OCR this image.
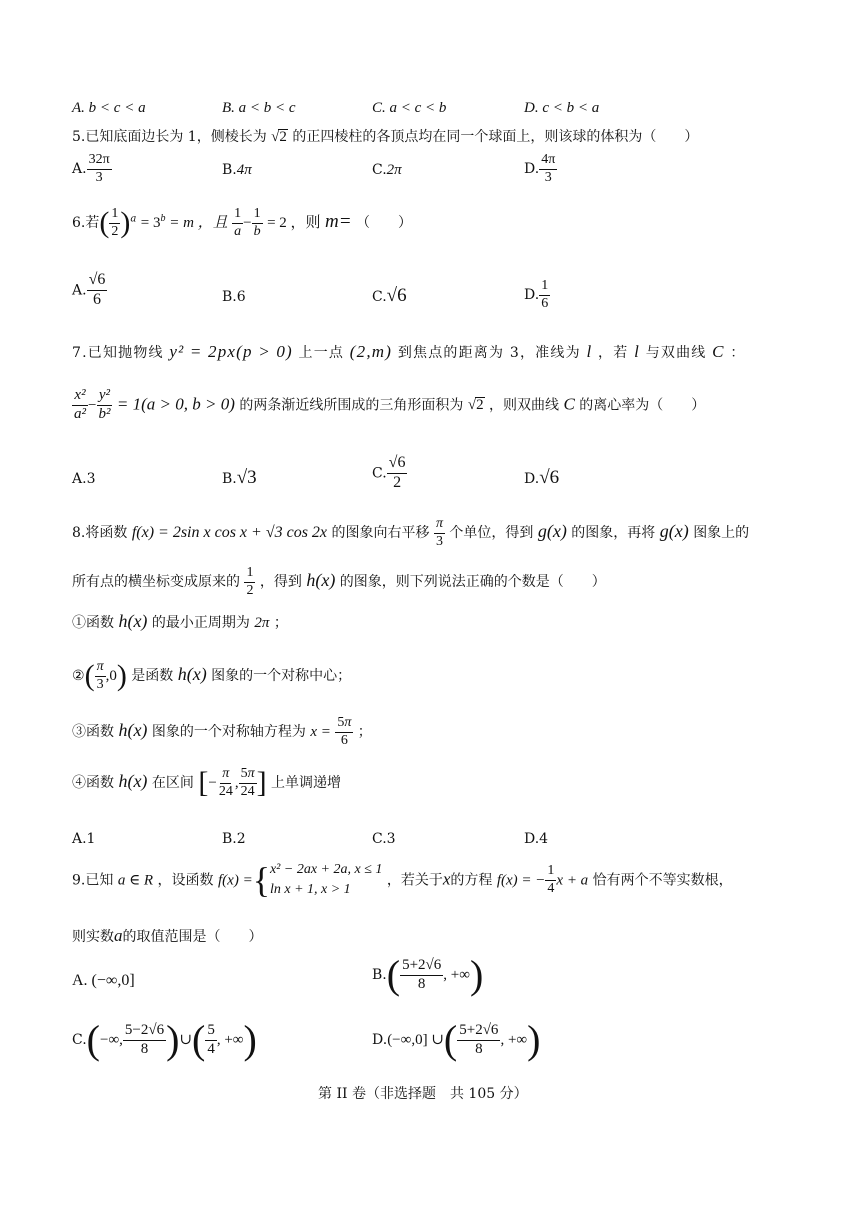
A. b < c < a	B. a < b < c	C. a < c < b	D. c < b < a
5.已知底面边长为 1，侧棱长为 √2 的正四棱柱的各顶点均在同一个球面上，则该球的体积为（　　）
A. $\frac{32\pi}{3}$	B.4π	C.2π	D. $\frac{4\pi}{3}$
6.若( $\frac{1}{2} )^a = 3^b = m$ ，且 $\frac{1}{a} - \frac{1}{b} = 2$ ，则 m= （　　）
A. $\frac{√6}{6}$	B.6	C.√6	D. $\frac{1}{6}$
7.已知抛物线 y² = 2px(p > 0) 上一点 (2,m) 到焦点的距离为 3，准线为 l ，若 l 与双曲线 C ：
$\frac{\text{x²}}{\text{a²}} - \frac{\text{y²}}{\text{b²}} = 1(a > 0$, b > 0) 的两条渐近线所围成的三角形面积为 √2 ，则双曲线 C 的离心率为（　　）
A.3	B.√3	C. $\frac{√6}{2}$	D.√6
8.将函数 f(x) = 2sin x cos x + √3 cos 2x 的图象向右平移 $\frac{\pi}{3}$ 个单位，得到 g(x) 的图象，再将 g(x) 图象上的
所有点的横坐标变成原来的 $\frac{1}{2}$ ，得到 h(x) 的图象，则下列说法正确的个数是（　　）
①函数 h(x) 的最小正周期为 2π ；
②( $\frac{\pi}{3} ,0$) 是函数 h(x) 图象的一个对称中心；
③函数 h(x) 图象的一个对称轴方程为 $x = \frac{5\pi}{6}$ ；
④函数 h(x) 在区间 [− $\frac{\pi}{24}$ , $\frac{5\pi}{24}$ ] 上单调递增
A.1	B.2	C.3	D.4
9.已知 a ∈ R ，设函数 f(x) ={ x² − 2ax + 2a, x ≤ 1
ln x + 1, x > 1
，若关于x的方程 f(x) = − $\frac{1}{4}$ x + a 恰有两个不等实数根，
则实数a的取值范围是（　　）
A. (−∞,0]	$B.( \frac{5+2√6}{8}$ , +∞)
C.(−∞, $\frac{5-2√6}{8}$ )∪( $\frac{5}{4}$ , +∞)	D.(−∞,0] ∪( $\frac{5+2√6}{8}$ , +∞)
第 II 卷（非选择题　共 105 分）
